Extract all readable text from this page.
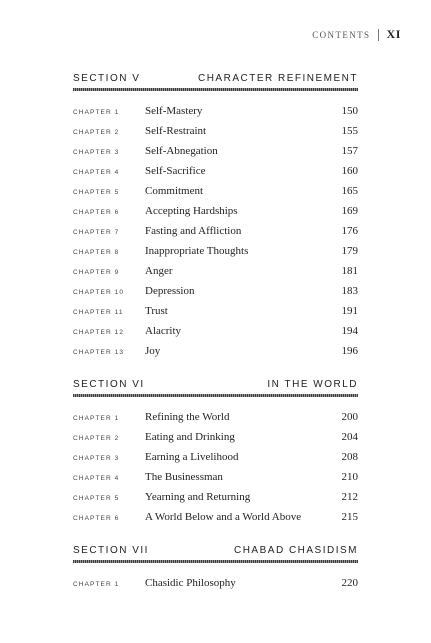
CONTENTS XI
SECTION V	CHARACTER REFINEMENT
CHAPTER 1	Self-Mastery	150
CHAPTER 2	Self-Restraint	155
CHAPTER 3	Self-Abnegation	157
CHAPTER 4	Self-Sacrifice	160
CHAPTER 5	Commitment	165
CHAPTER 6	Accepting Hardships	169
CHAPTER 7	Fasting and Affliction	176
CHAPTER 8	Inappropriate Thoughts	179
CHAPTER 9	Anger	181
CHAPTER 10	Depression	183
CHAPTER 11	Trust	191
CHAPTER 12	Alacrity	194
CHAPTER 13	Joy	196
SECTION VI	IN THE WORLD
CHAPTER 1	Refining the World	200
CHAPTER 2	Eating and Drinking	204
CHAPTER 3	Earning a Livelihood	208
CHAPTER 4	The Businessman	210
CHAPTER 5	Yearning and Returning	212
CHAPTER 6	A World Below and a World Above	215
SECTION VII	CHABAD CHASIDISM
CHAPTER 1	Chasidic Philosophy	220
